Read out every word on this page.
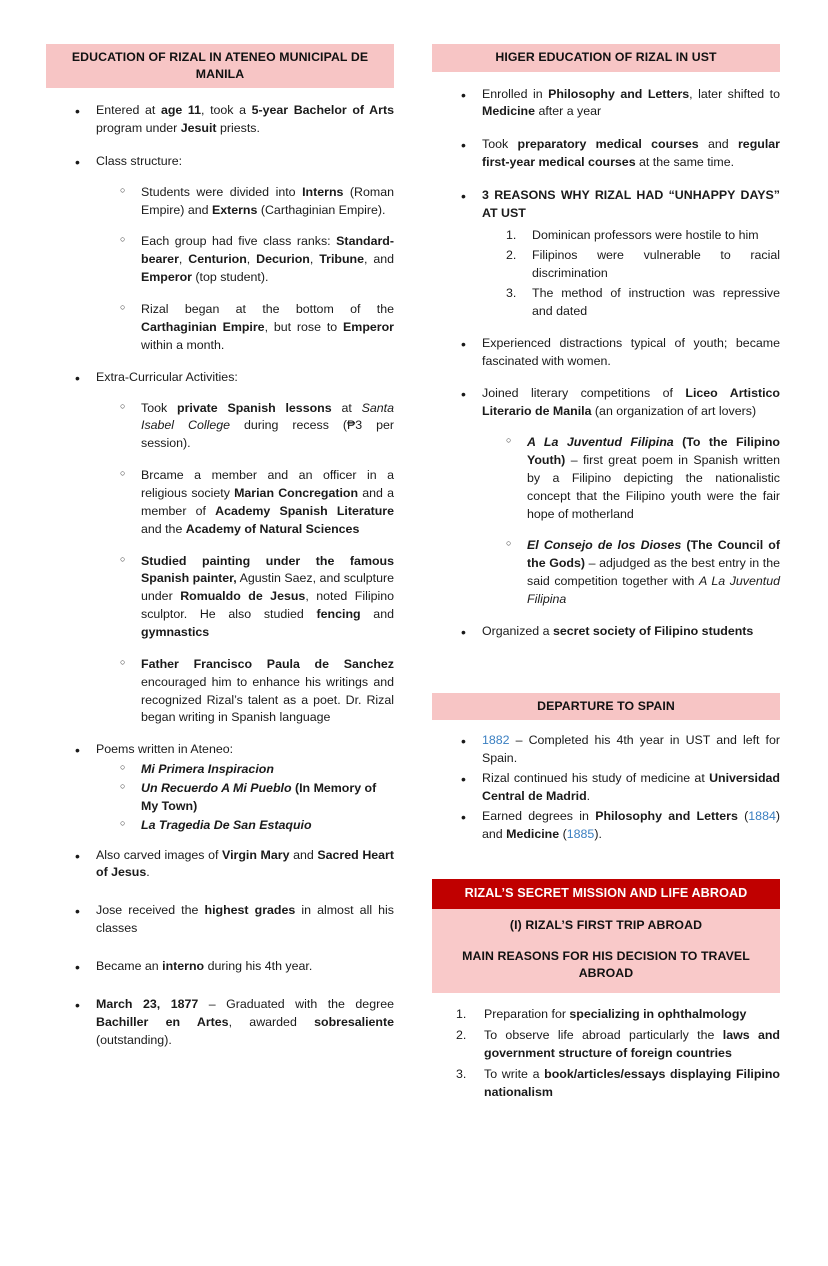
EDUCATION OF RIZAL IN ATENEO MUNICIPAL DE MANILA
• Entered at age 11, took a 5-year Bachelor of Arts program under Jesuit priests.
• Class structure:
○ Students were divided into Interns (Roman Empire) and Externs (Carthaginian Empire).
○ Each group had five class ranks: Standard-bearer, Centurion, Decurion, Tribune, and Emperor (top student).
○ Rizal began at the bottom of the Carthaginian Empire, but rose to Emperor within a month.
• Extra-Curricular Activities:
○ Took private Spanish lessons at Santa Isabel College during recess (₱3 per session).
○ Brcame a member and an officer in a religious society Marian Concregation and a member of Academy Spanish Literature and the Academy of Natural Sciences
○ Studied painting under the famous Spanish painter, Agustin Saez, and sculpture under Romualdo de Jesus, noted Filipino sculptor. He also studied fencing and gymnastics
○ Father Francisco Paula de Sanchez encouraged him to enhance his writings and recognized Rizal’s talent as a poet. Dr. Rizal began writing in Spanish language
• Poems written in Ateneo:
○ Mi Primera Inspiracion
○ Un Recuerdo A Mi Pueblo (In Memory of My Town)
○ La Tragedia De San Estaquio
• Also carved images of Virgin Mary and Sacred Heart of Jesus.
• Jose received the highest grades in almost all his classes
• Became an interno during his 4th year.
• March 23, 1877 – Graduated with the degree Bachiller en Artes, awarded sobresaliente (outstanding).
HIGER EDUCATION OF RIZAL IN UST
• Enrolled in Philosophy and Letters, later shifted to Medicine after a year
• Took preparatory medical courses and regular first-year medical courses at the same time.
• 3 REASONS WHY RIZAL HAD “UNHAPPY DAYS” AT UST
Dominican professors were hostile to him
Filipinos were vulnerable to racial discrimination
The method of instruction was repressive and dated
• Experienced distractions typical of youth; became fascinated with women.
• Joined literary competitions of Liceo Artistico Literario de Manila (an organization of art lovers)
○ A La Juventud Filipina (To the Filipino Youth) – first great poem in Spanish written by a Filipino depicting the nationalistic concept that the Filipino youth were the fair hope of motherland
○ El Consejo de los Dioses (The Council of the Gods) – adjudged as the best entry in the said competition together with A La Juventud Filipina
• Organized a secret society of Filipino students
DEPARTURE TO SPAIN
• 1882 – Completed his 4th year in UST and left for Spain.
• Rizal continued his study of medicine at Universidad Central de Madrid.
• Earned degrees in Philosophy and Letters (1884) and Medicine (1885).
RIZAL’S SECRET MISSION AND LIFE ABROAD
(I) RIZAL’S FIRST TRIP ABROAD
MAIN REASONS FOR HIS DECISION TO TRAVEL ABROAD
Preparation for specializing in ophthalmology
To observe life abroad particularly the laws and government structure of foreign countries
To write a book/articles/essays displaying Filipino nationalism
